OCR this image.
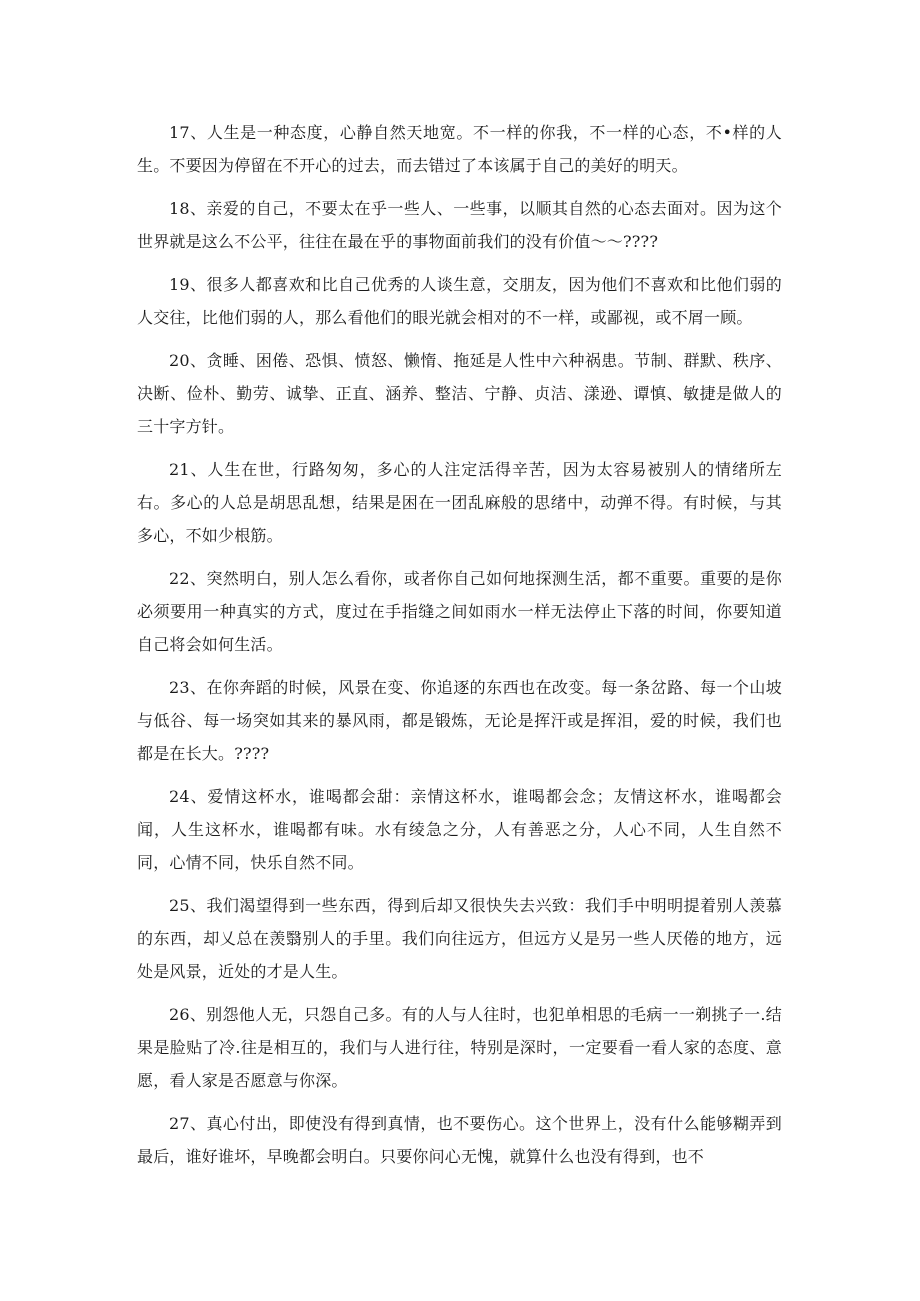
17、人生是一种态度，心静自然天地宽。不一样的你我，不一样的心态，不•样的人生。不要因为停留在不开心的过去，而去错过了本该属于自己的美好的明天。

18、亲爱的自己，不要太在乎一些人、一些事，以顺其自然的心态去面对。因为这个世界就是这么不公平，往往在最在乎的事物面前我们的没有价值～～????

19、很多人都喜欢和比自己优秀的人谈生意，交朋友，因为他们不喜欢和比他们弱的人交往，比他们弱的人，那么看他们的眼光就会相对的不一样，或鄙视，或不屑一顾。

20、贪睡、困倦、恐惧、愤怒、懒惰、拖延是人性中六种祸患。节制、群默、秩序、决断、俭朴、勤劳、诚挚、正直、涵养、整洁、宁静、贞洁、漾逊、谭慎、敏捷是做人的三十字方针。

21、人生在世，行路匆匆，多心的人注定活得辛苦，因为太容易被别人的情绪所左右。多心的人总是胡思乱想，结果是困在一团乱麻般的思绪中，动弹不得。有时候，与其多心，不如少根筋。

22、突然明白，别人怎么看你，或者你自己如何地探测生活，都不重要。重要的是你必须要用一种真实的方式，度过在手指缝之间如雨水一样无法停止下落的时间，你要知道自己将会如何生活。

23、在你奔蹈的时候，风景在变、你追逐的东西也在改变。每一条岔路、每一个山坡与低谷、每一场突如其来的暴风雨，都是锻炼，无论是挥汗或是挥泪，爱的时候，我们也都是在长大。????

24、爱情这杯水，谁喝都会甜：亲情这杯水，谁喝都会念；友情这杯水，谁喝都会闻，人生这杯水，谁喝都有味。水有绫急之分，人有善恶之分，人心不同，人生自然不同，心情不同，快乐自然不同。

25、我们渴望得到一些东西，得到后却又很快失去兴致：我们手中明明提着别人羡慕的东西，却乂总在羡翳别人的手里。我们向往远方，但远方乂是另一些人厌倦的地方，远处是风景，近处的才是人生。

26、别怨他人无，只怨自己多。有的人与人往时，也犯单相思的毛病一一剃挑子一.结果是脸贴了冷.往是相互的，我们与人进行往，特别是深时，一定要看一看人家的态度、意愿，看人家是否愿意与你深。

27、真心付出，即使没有得到真情，也不要伤心。这个世界上，没有什么能够糊弄到最后，谁好谁坏，早晚都会明白。只要你问心无愧，就算什么也没有得到，也不
